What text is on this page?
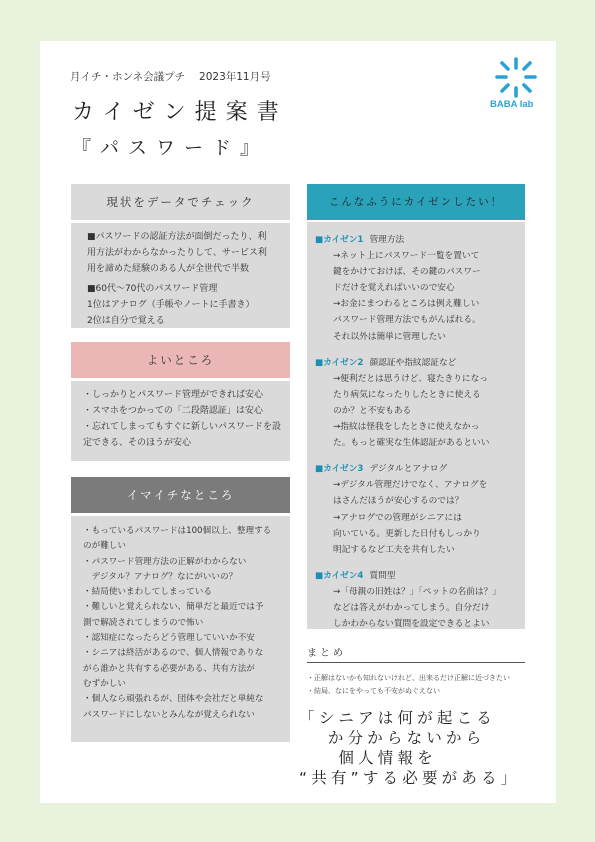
月イチ・ホンネ会議プチ　 2023年11月号
カイゼン提案書
『パスワード』
BABA lab
現状をデータでチェック
■パスワードの認証方法が面倒だったり、利
用方法がわからなかったりして、サービス利
用を諦めた経験のある人が全世代で半数
■60代～70代のパスワード管理
1位はアナログ（手帳やノートに手書き）
2位は自分で覚える
よいところ
・しっかりとパスワード管理ができれば安心
・スマホをつかっての「二段階認証」は安心
・忘れてしまってもすぐに新しいパスワードを設
定できる、そのほうが安心
イマイチなところ
・もっているパスワードは100個以上、整理する
のが難しい
・パスワード管理方法の正解がわからない
　デジタル？アナログ？なにがいいの？
・結局使いまわしてしまっている
・難しいと覚えられない、簡単だと最近では予
測で解読されてしまうので怖い
・認知症になったらどう管理していいか不安
・シニアは終活があるので、個人情報でありな
がら誰かと共有する必要がある、共有方法が
むずかしい
・個人なら頑張れるが、団体や会社だと単純な
パスワードにしないとみんなが覚えられない
こんなふうにカイゼンしたい！
■カイゼン1 管理方法
→ネット上にパスワード一覧を置いて
鍵をかけておけば、その鍵のパスワー
ドだけを覚えればいいので安心
→お金にまつわるところは例え難しい
パスワード管理方法でもがんばれる。
それ以外は簡単に管理したい
■カイゼン2 顔認証や指紋認証など
→便利だとは思うけど、寝たきりになっ
たり病気になったりしたときに使える
のか？と不安もある
→指紋は怪我をしたときに使えなかっ
た。もっと確実な生体認証があるといい
■カイゼン3 デジタルとアナログ
→デジタル管理だけでなく、アナログを
はさんだほうが安心するのでは？
→アナログでの管理がシニアには
向いている。更新した日付もしっかり
明記するなど工夫を共有したい
■カイゼン4 質問型
→「母親の旧姓は？」「ペットの名前は？」
などは答えがわかってしまう。自分だけ
しかわからない質問を設定できるとよい
まとめ
・正解はないかも知れないけれど、出来るだけ正解に近づきたい
・結局、なにをやっても不安がぬぐえない
「シニアは何が起こる
　 か分からないから
　　個人情報を
“共有”する必要がある」
